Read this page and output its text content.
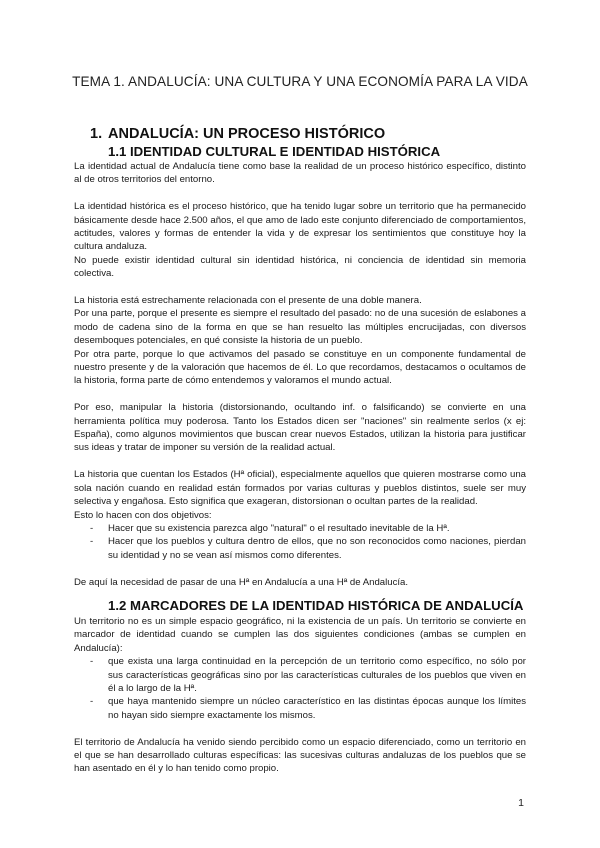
TEMA 1. ANDALUCÍA: UNA CULTURA Y UNA ECONOMÍA PARA LA VIDA
1. ANDALUCÍA: UN PROCESO HISTÓRICO
1.1 IDENTIDAD CULTURAL E IDENTIDAD HISTÓRICA

La identidad actual de Andalucía tiene como base la realidad de un proceso histórico específico, distinto al de otros territorios del entorno.

La identidad histórica es el proceso histórico, que ha tenido lugar sobre un territorio que ha permanecido básicamente desde hace 2.500 años, el que amo de lado este conjunto diferenciado de comportamientos, actitudes, valores y formas de entender la vida y de expresar los sentimientos que constituye hoy la cultura andaluza.

No puede existir identidad cultural sin identidad histórica, ni conciencia de identidad sin memoria colectiva.

La historia está estrechamente relacionada con el presente de una doble manera.

Por una parte, porque el presente es siempre el resultado del pasado: no de una sucesión de eslabones a modo de cadena sino de la forma en que se han resuelto las múltiples encrucijadas, con diversos desemboques potenciales, en qué consiste la historia de un pueblo.

Por otra parte, porque lo que activamos del pasado se constituye en un componente fundamental de nuestro presente y de la valoración que hacemos de él. Lo que recordamos, destacamos o ocultamos de la historia, forma parte de cómo entendemos y valoramos el mundo actual.

Por eso, manipular la historia (distorsionando, ocultando inf. o falsificando) se convierte en una herramienta política muy poderosa. Tanto los Estados dicen ser "naciones" sin realmente serlos (x ej: España), como algunos movimientos que buscan crear nuevos Estados, utilizan la historia para justificar sus ideas y tratar de imponer su versión de la realidad actual.

La historia que cuentan los Estados (Hª oficial), especialmente aquellos que quieren mostrarse como una sola nación cuando en realidad están formados por varias culturas y pueblos distintos, suele ser muy selectiva y engañosa. Esto significa que exageran, distorsionan o ocultan partes de la realidad.

Esto lo hacen con dos objetivos:

- Hacer que su existencia parezca algo "natural" o el resultado inevitable de la Hª.
- Hacer que los pueblos y cultura dentro de ellos, que no son reconocidos como naciones, pierdan su identidad y no se vean así mismos como diferentes.

De aquí la necesidad de pasar de una Hª en Andalucía a una Hª de Andalucía.

1.2 MARCADORES DE LA IDENTIDAD HISTÓRICA DE ANDALUCÍA

Un territorio no es un simple espacio geográfico, ni la existencia de un país. Un territorio se convierte en marcador de identidad cuando se cumplen las dos siguientes condiciones (ambas se cumplen en Andalucía):

- que exista una larga continuidad en la percepción de un territorio como específico, no sólo por sus características geográficas sino por las características culturales de los pueblos que viven en él a lo largo de la Hª.
- que haya mantenido siempre un núcleo característico en las distintas épocas aunque los límites no hayan sido siempre exactamente los mismos.

El territorio de Andalucía ha venido siendo percibido como un espacio diferenciado, como un territorio en el que se han desarrollado culturas específicas: las sucesivas culturas andaluzas de los pueblos que se han asentado en él y lo han tenido como propio.

1
